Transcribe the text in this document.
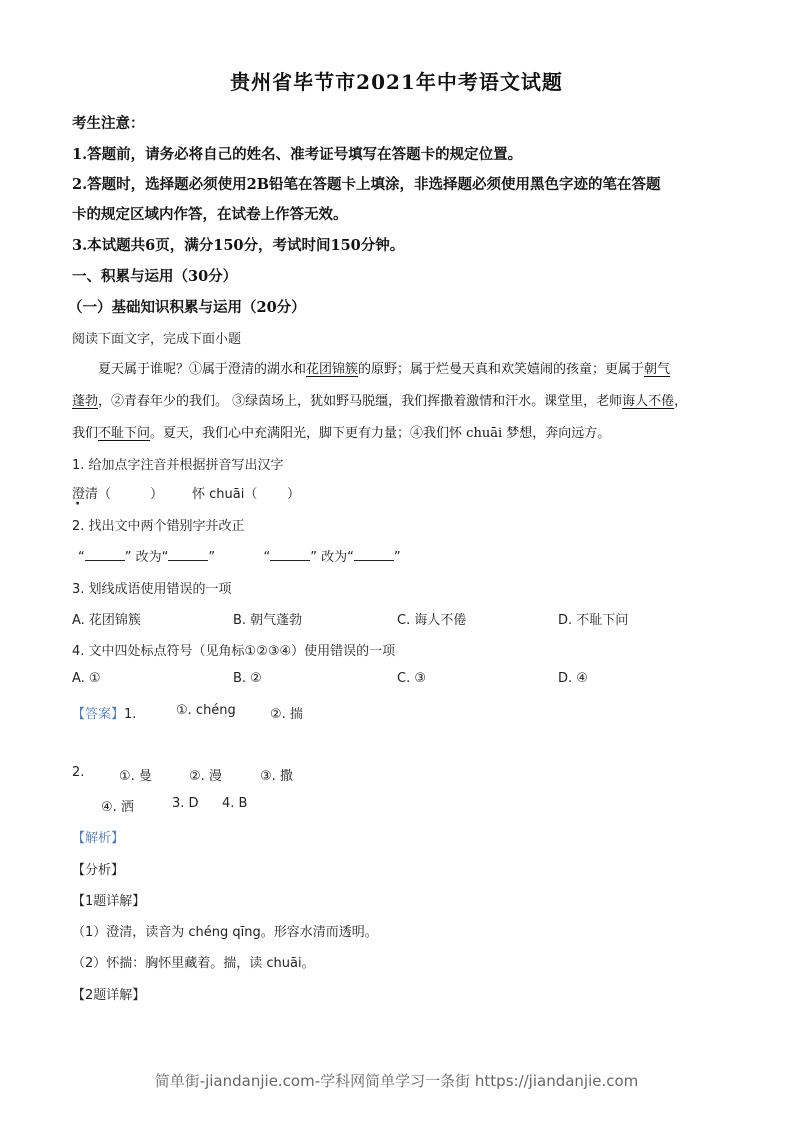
贵州省毕节市2021年中考语文试题
考生注意：
1.答题前，请务必将自己的姓名、准考证号填写在答题卡的规定位置。
2.答题时，选择题必须使用2B铅笔在答题卡上填涂，非选择题必须使用黑色字迹的笔在答题
卡的规定区域内作答，在试卷上作答无效。
3.本试题共6页，满分150分，考试时间150分钟。
一、积累与运用（30分）
（一）基础知识积累与运用（20分）
阅读下面文字，完成下面小题
夏天属于谁呢？①属于澄清的湖水和花团锦簇的原野；属于烂曼天真和欢笑嬉闹的孩童；更属于朝气
蓬勃，②青春年少的我们。 ③绿茵场上，犹如野马脱缰，我们挥撒着激情和汗水。课堂里，老师诲人不倦，
我们不耻下问。夏天，我们心中充满阳光，脚下更有力量；④我们怀 chuāi 梦想，奔向远方。
1. 给加点字注音并根据拼音写出汉字
澄清（	） 怀 chuāi（ ）
2. 找出文中两个错别字并改正
“	” 改为“	”	“	” 改为“	”
3. 划线成语使用错误的一项
A. 花团锦簇	B. 朝气蓬勃	C. 诲人不倦	D. 不耻下问
4. 文中四处标点符号（见角标①②③④）使用错误的一项
A. ①	B. ②	C. ③	D. ④
【答案】1.	①. chéng	②. 揣
2.	①. 曼	②. 漫	③. 撒
④. 洒	3. D 4. B
【解析】
【分析】
【1题详解】
（1）澄清，读音为 chéng qīng。形容水清而透明。
（2）怀揣：胸怀里藏着。揣，读 chuāi。
【2题详解】
简单街-jiandanjie.com-学科网简单学习一条街 https://jiandanjie.com
